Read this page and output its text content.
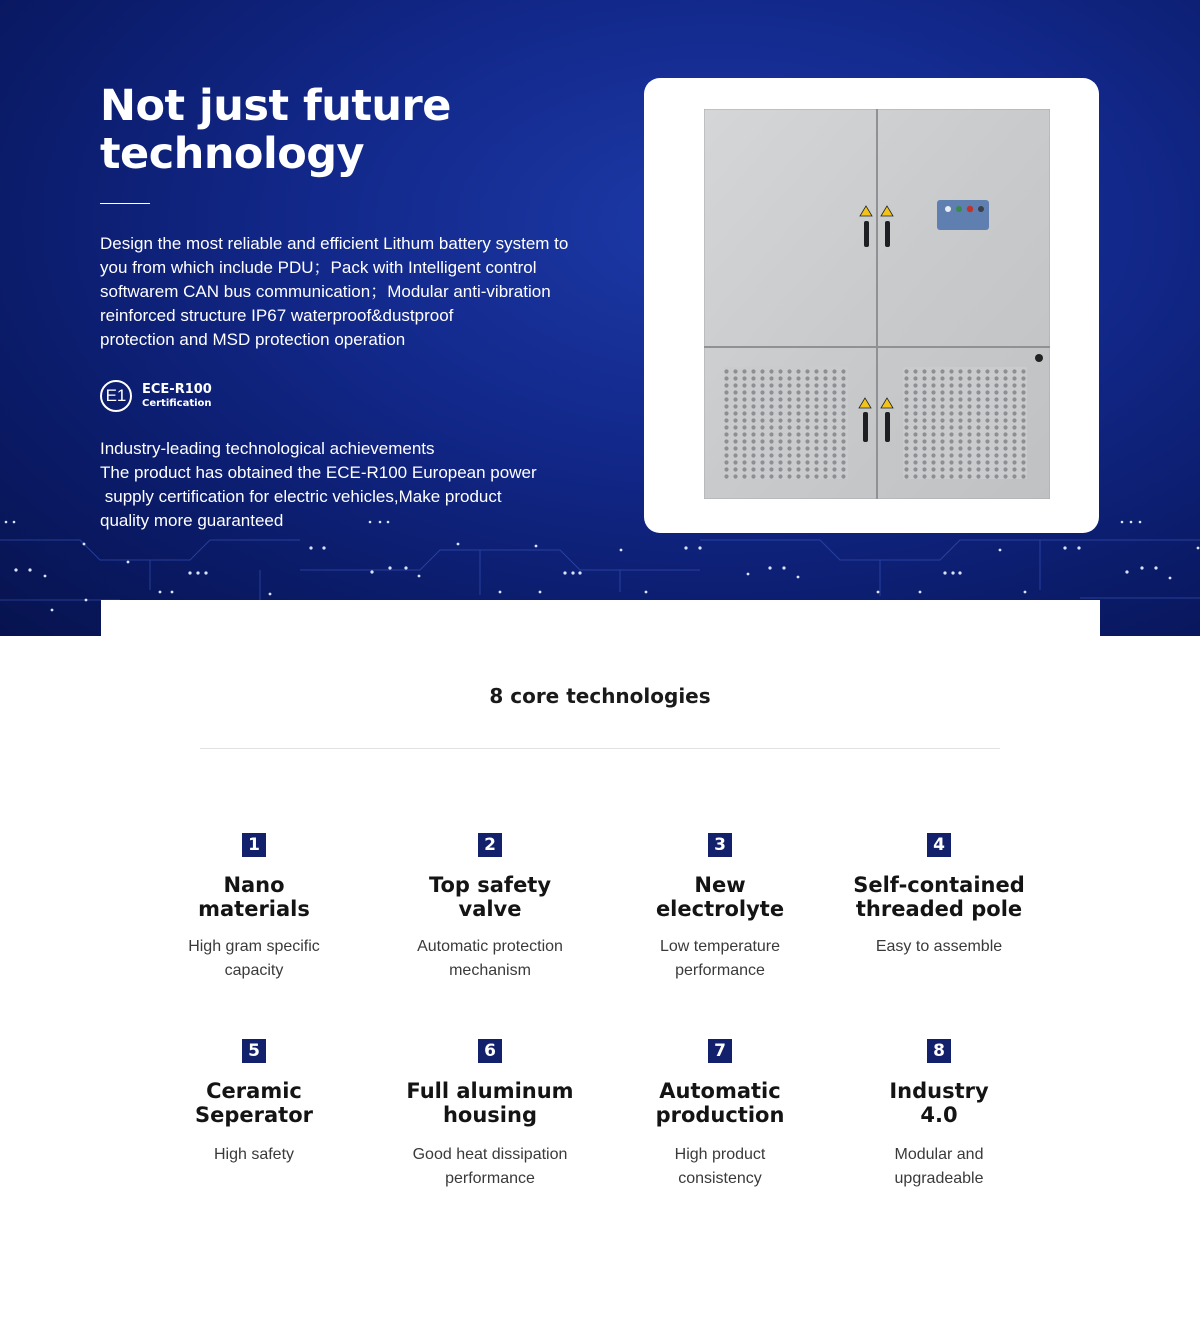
Not just future technology

Design the most reliable and efficient Lithum battery system to
you from which include PDU；Pack with Intelligent control
softwarem CAN bus communication；Modular anti-vibration
reinforced structure IP67 waterproof&dustproof
protection and MSD protection operation

E1	ECE-R100
Certification

Industry-leading technological achievements
The product has obtained the ECE-R100 European power
supply certification for electric vehicles,Make product
quality more guaranteed

8 core technologies
1

Nano
materials

High gram specific
capacity

2

Top safety
valve

Automatic protection
mechanism

3

New
electrolyte

Low temperature
performance

4

Self-contained
threaded pole

Easy to assemble

5

Ceramic
Seperator

High safety

6

Full aluminum
housing

Good heat dissipation
performance

7

Automatic
production

High product
consistency

8

Industry
4.0

Modular and
upgradeable
